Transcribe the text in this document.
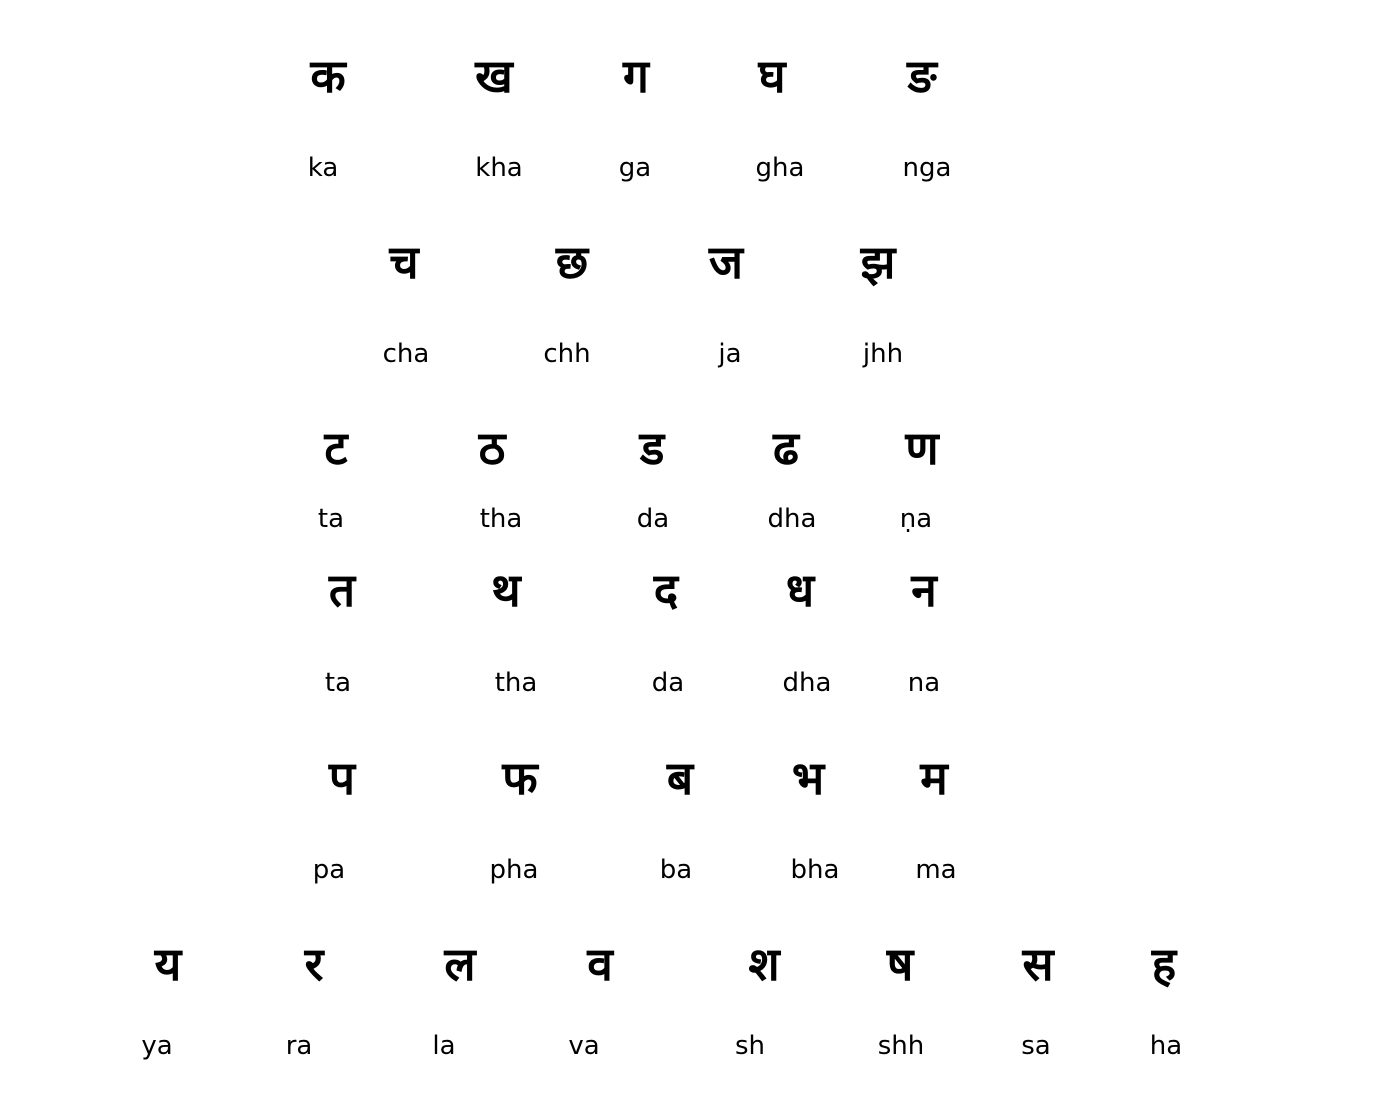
क	ख	ग	घ	ङ
ka	kha	ga	gha	nga
च	छ	ज	झ
cha	chh	ja	jhh
ट	ठ	ड	ढ	ण
ta	tha	da	dha	ṇa
त	थ	द	ध	न
ta	tha	da	dha	na
प	फ	ब	भ	म
pa	pha	ba	bha	ma
य	र	ल	व	श	ष	स	ह
ya	ra	la	va	sh	shh	sa	ha
